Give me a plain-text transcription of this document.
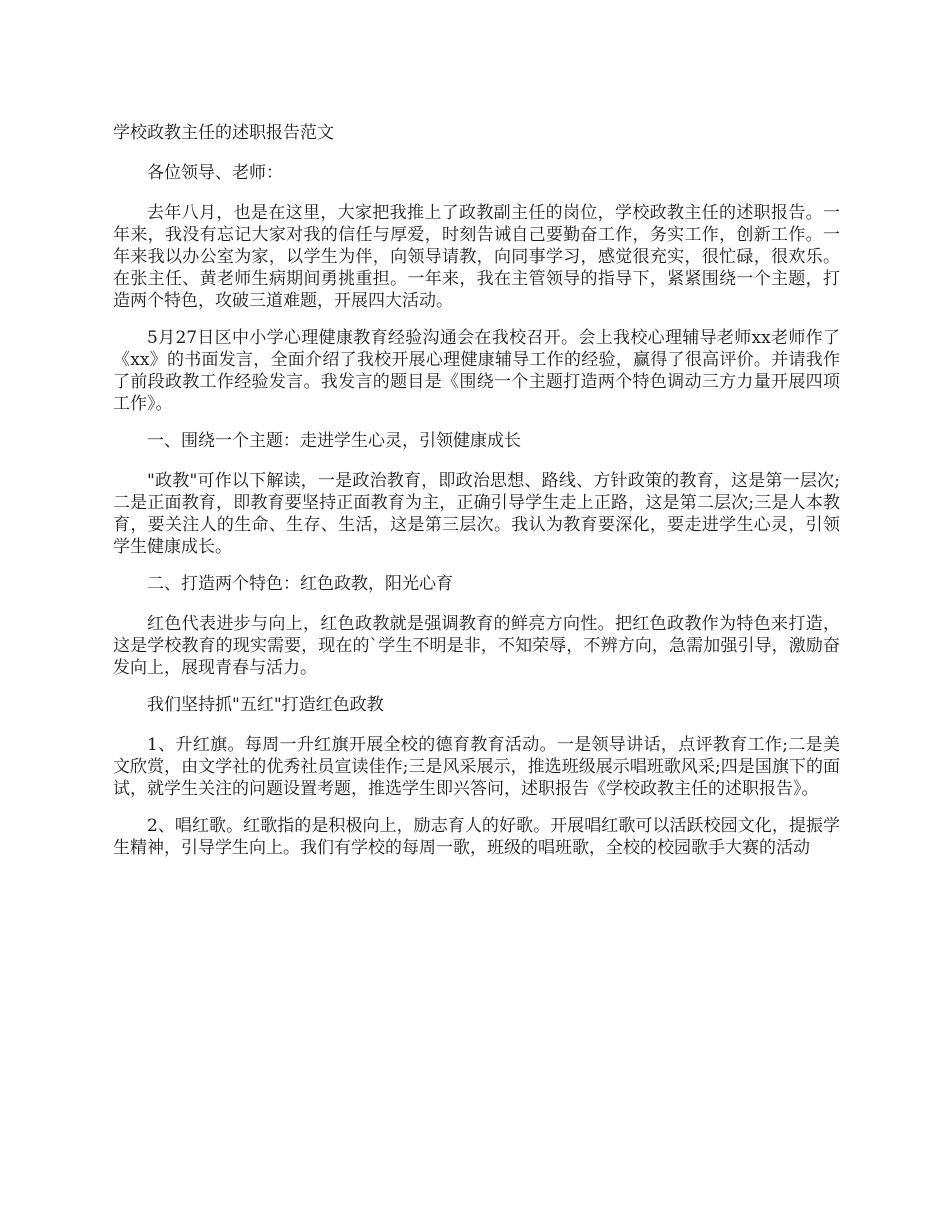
学校政教主任的述职报告范文

各位领导、老师：

去年八月，也是在这里，大家把我推上了政教副主任的岗位，学校政教主任的述职报告。一年来，我没有忘记大家对我的信任与厚爱，时刻告诫自己要勤奋工作，务实工作，创新工作。一年来我以办公室为家，以学生为伴，向领导请教，向同事学习，感觉很充实，很忙碌，很欢乐。在张主任、黄老师生病期间勇挑重担。一年来，我在主管领导的指导下，紧紧围绕一个主题，打造两个特色，攻破三道难题，开展四大活动。

5月27日区中小学心理健康教育经验沟通会在我校召开。会上我校心理辅导老师xx老师作了《xx》的书面发言，全面介绍了我校开展心理健康辅导工作的经验，赢得了很高评价。并请我作了前段政教工作经验发言。我发言的题目是《围绕一个主题打造两个特色调动三方力量开展四项工作》。

一、围绕一个主题：走进学生心灵，引领健康成长

"政教"可作以下解读，一是政治教育，即政治思想、路线、方针政策的教育，这是第一层次;二是正面教育，即教育要坚持正面教育为主，正确引导学生走上正路，这是第二层次;三是人本教育，要关注人的生命、生存、生活，这是第三层次。我认为教育要深化，要走进学生心灵，引领学生健康成长。

二、打造两个特色：红色政教，阳光心育

红色代表进步与向上，红色政教就是强调教育的鲜亮方向性。把红色政教作为特色来打造，这是学校教育的现实需要，现在的`学生不明是非，不知荣辱，不辨方向，急需加强引导，激励奋发向上，展现青春与活力。

我们坚持抓"五红"打造红色政教

1、升红旗。每周一升红旗开展全校的德育教育活动。一是领导讲话，点评教育工作;二是美文欣赏，由文学社的优秀社员宣读佳作;三是风采展示，推选班级展示唱班歌风采;四是国旗下的面试，就学生关注的问题设置考题，推选学生即兴答问，述职报告《学校政教主任的述职报告》。

2、唱红歌。红歌指的是积极向上，励志育人的好歌。开展唱红歌可以活跃校园文化，提振学生精神，引导学生向上。我们有学校的每周一歌，班级的唱班歌，全校的校园歌手大赛的活动
